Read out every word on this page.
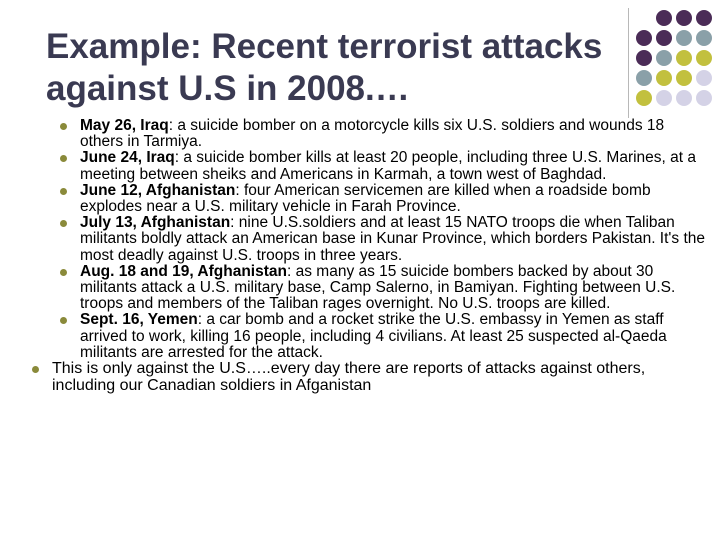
Example: Recent terrorist attacks
against U.S in 2008.…
May 26, Iraq: a suicide bomber on a motorcycle kills six U.S. soldiers and wounds 18 others in Tarmiya.
June 24, Iraq: a suicide bomber kills at least 20 people, including three U.S. Marines, at a meeting between sheiks and Americans in Karmah, a town west of Baghdad.
June 12, Afghanistan: four American servicemen are killed when a roadside bomb explodes near a U.S. military vehicle in Farah Province.
July 13, Afghanistan: nine U.S.soldiers and at least 15 NATO troops die when Taliban militants boldly attack an American base in Kunar Province, which borders Pakistan. It's the most deadly against U.S. troops in three years.
Aug. 18 and 19, Afghanistan: as many as 15 suicide bombers backed by about 30 militants attack a U.S. military base, Camp Salerno, in Bamiyan. Fighting between U.S. troops and members of the Taliban rages overnight. No U.S. troops are killed.
Sept. 16, Yemen: a car bomb and a rocket strike the U.S. embassy in Yemen as staff arrived to work, killing 16 people, including 4 civilians. At least 25 suspected al-Qaeda militants are arrested for the attack.
This is only against the U.S…..every day there are reports of attacks against others, including our Canadian soldiers in Afganistan
